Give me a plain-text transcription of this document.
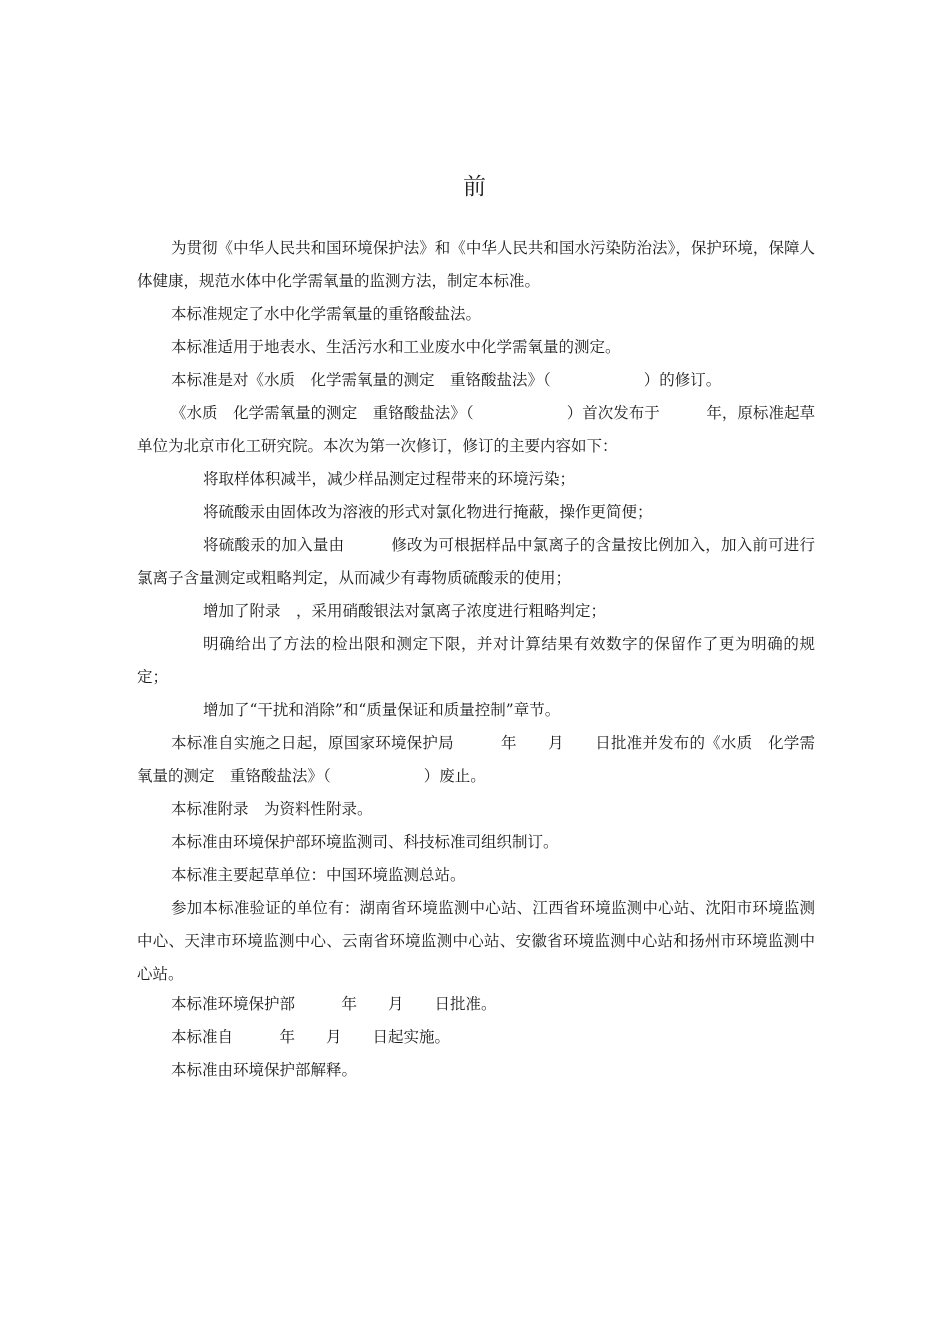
前
为贯彻《中华人民共和国环境保护法》和《中华人民共和国水污染防治法》，保护环境，保障人体健康，规范水体中化学需氧量的监测方法，制定本标准。
本标准规定了水中化学需氧量的重铬酸盐法。
本标准适用于地表水、生活污水和工业废水中化学需氧量的测定。
本标准是对《水质　化学需氧量的测定　重铬酸盐法》（　　　　　　）的修订。
《水质　化学需氧量的测定　重铬酸盐法》（　　　　　　）首次发布于　　　年，原标准起草单位为北京市化工研究院。本次为第一次修订，修订的主要内容如下：
将取样体积减半，减少样品测定过程带来的环境污染；
将硫酸汞由固体改为溶液的形式对氯化物进行掩蔽，操作更简便；
将硫酸汞的加入量由　　　修改为可根据样品中氯离子的含量按比例加入，加入前可进行氯离子含量测定或粗略判定，从而减少有毒物质硫酸汞的使用；
增加了附录　，采用硝酸银法对氯离子浓度进行粗略判定；
明确给出了方法的检出限和测定下限，并对计算结果有效数字的保留作了更为明确的规定；
增加了“干扰和消除”和“质量保证和质量控制”章节。
本标准自实施之日起，原国家环境保护局　　　年　　月　　日批准并发布的《水质　化学需氧量的测定　重铬酸盐法》（　　　　　　）废止。
本标准附录　为资料性附录。
本标准由环境保护部环境监测司、科技标准司组织制订。
本标准主要起草单位：中国环境监测总站。
参加本标准验证的单位有：湖南省环境监测中心站、江西省环境监测中心站、沈阳市环境监测中心、天津市环境监测中心、云南省环境监测中心站、安徽省环境监测中心站和扬州市环境监测中心站。
本标准环境保护部　　　年　　月　　日批准。
本标准自　　　年　　月　　日起实施。
本标准由环境保护部解释。
